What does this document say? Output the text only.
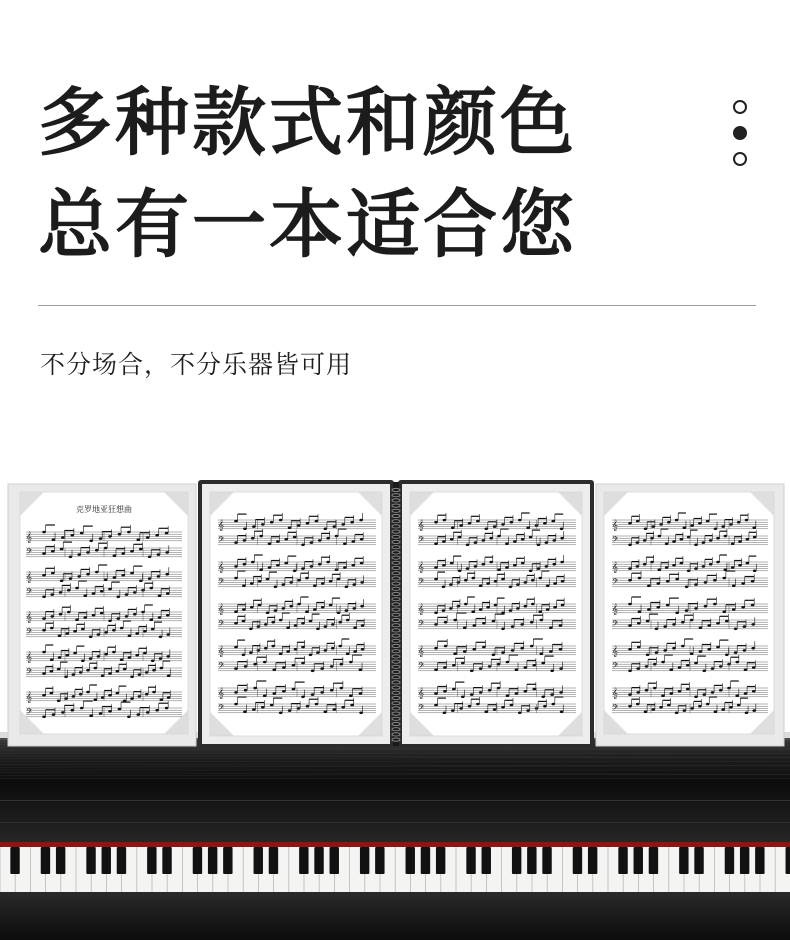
多种款式和颜色
总有一本适合您

不分场合，不分乐器皆可用

克罗地亚狂想曲
𝄞
𝄢
𝄞
𝄢
𝄞
𝄢
𝄞
𝄢
𝄞
𝄢
𝄞
𝄢
𝄞
𝄢
𝄞
𝄢
𝄞
𝄢
𝄞
𝄢
𝄞
𝄢
𝄞
𝄢
𝄞
𝄢
𝄞
𝄢
𝄞
𝄢
𝄞
𝄢
𝄞
𝄢
𝄞
𝄢
𝄞
𝄢
𝄞
𝄢
